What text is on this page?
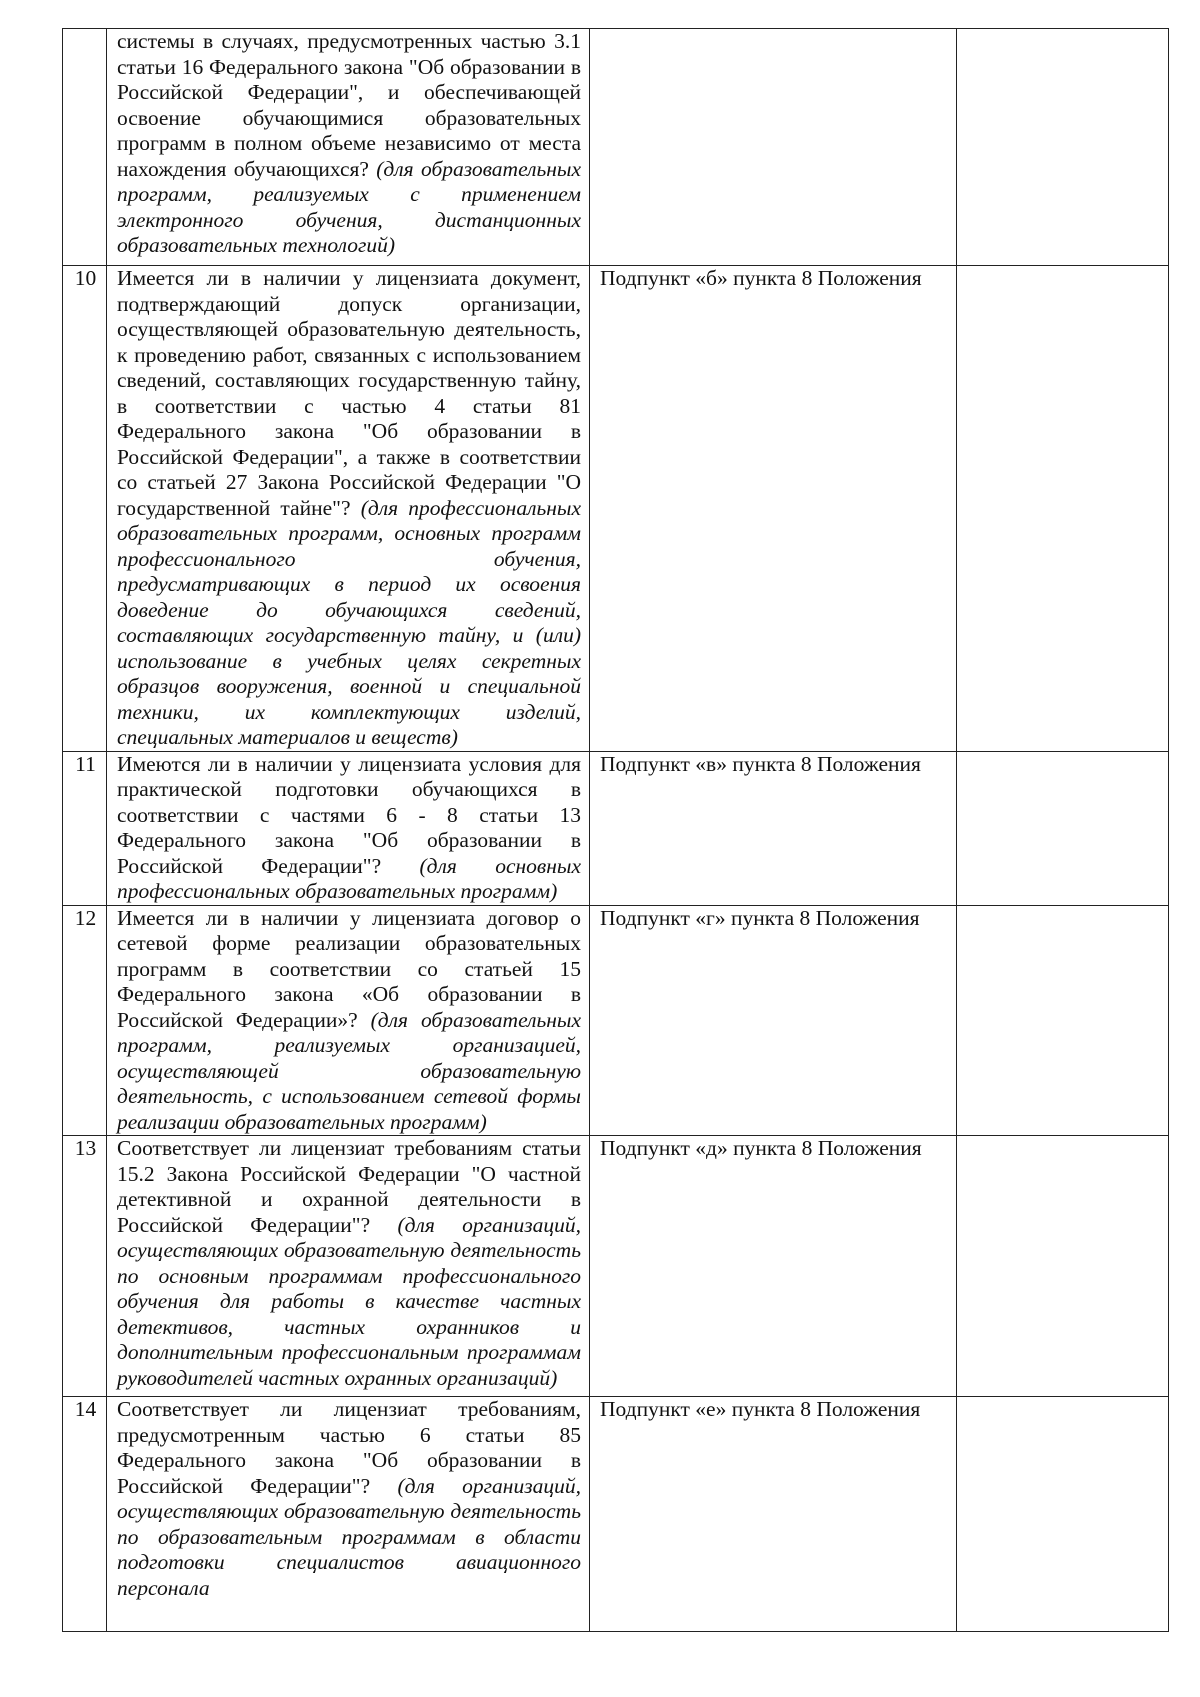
	системы в случаях, предусмотренных частью 3.1 статьи 16 Федерального закона "Об образовании в Российской Федерации", и обеспечивающей освоение обучающимися образовательных программ в полном объеме независимо от места нахождения обучающихся? (для образовательных программ, реализуемых с применением электронного обучения, дистанционных образовательных технологий)		
10	Имеется ли в наличии у лицензиата документ, подтверждающий допуск организации, осуществляющей образовательную деятельность, к проведению работ, связанных с использованием сведений, составляющих государственную тайну, в соответствии с частью 4 статьи 81 Федерального закона "Об образовании в Российской Федерации", а также в соответствии со статьей 27 Закона Российской Федерации "О государственной тайне"? (для профессиональных образовательных программ, основных программ профессионального обучения, предусматривающих в период их освоения доведение до обучающихся сведений, составляющих государственную тайну, и (или) использование в учебных целях секретных образцов вооружения, военной и специальной техники, их комплектующих изделий, специальных материалов и веществ)	Подпункт «б» пункта 8 Положения	
11	Имеются ли в наличии у лицензиата условия для практической подготовки обучающихся в соответствии с частями 6 - 8 статьи 13 Федерального закона "Об образовании в Российской Федерации"? (для основных профессиональных образовательных программ)	Подпункт «в» пункта 8 Положения	
12	Имеется ли в наличии у лицензиата договор о сетевой форме реализации образовательных программ в соответствии со статьей 15 Федерального закона «Об образовании в Российской Федерации»? (для образовательных программ, реализуемых организацией, осуществляющей образовательную деятельность, с использованием сетевой формы реализации образовательных программ)	Подпункт «г» пункта 8 Положения	
13	Соответствует ли лицензиат требованиям статьи 15.2 Закона Российской Федерации "О частной детективной и охранной деятельности в Российской Федерации"? (для организаций, осуществляющих образовательную деятельность по основным программам профессионального обучения для работы в качестве частных детективов, частных охранников и дополнительным профессиональным программам руководителей частных охранных организаций)	Подпункт «д» пункта 8 Положения	
14	Соответствует ли лицензиат требованиям, предусмотренным частью 6 статьи 85 Федерального закона "Об образовании в Российской Федерации"? (для организаций, осуществляющих образовательную деятельность по образовательным программам в области подготовки специалистов авиационного персонала	Подпункт «е» пункта 8 Положения	
